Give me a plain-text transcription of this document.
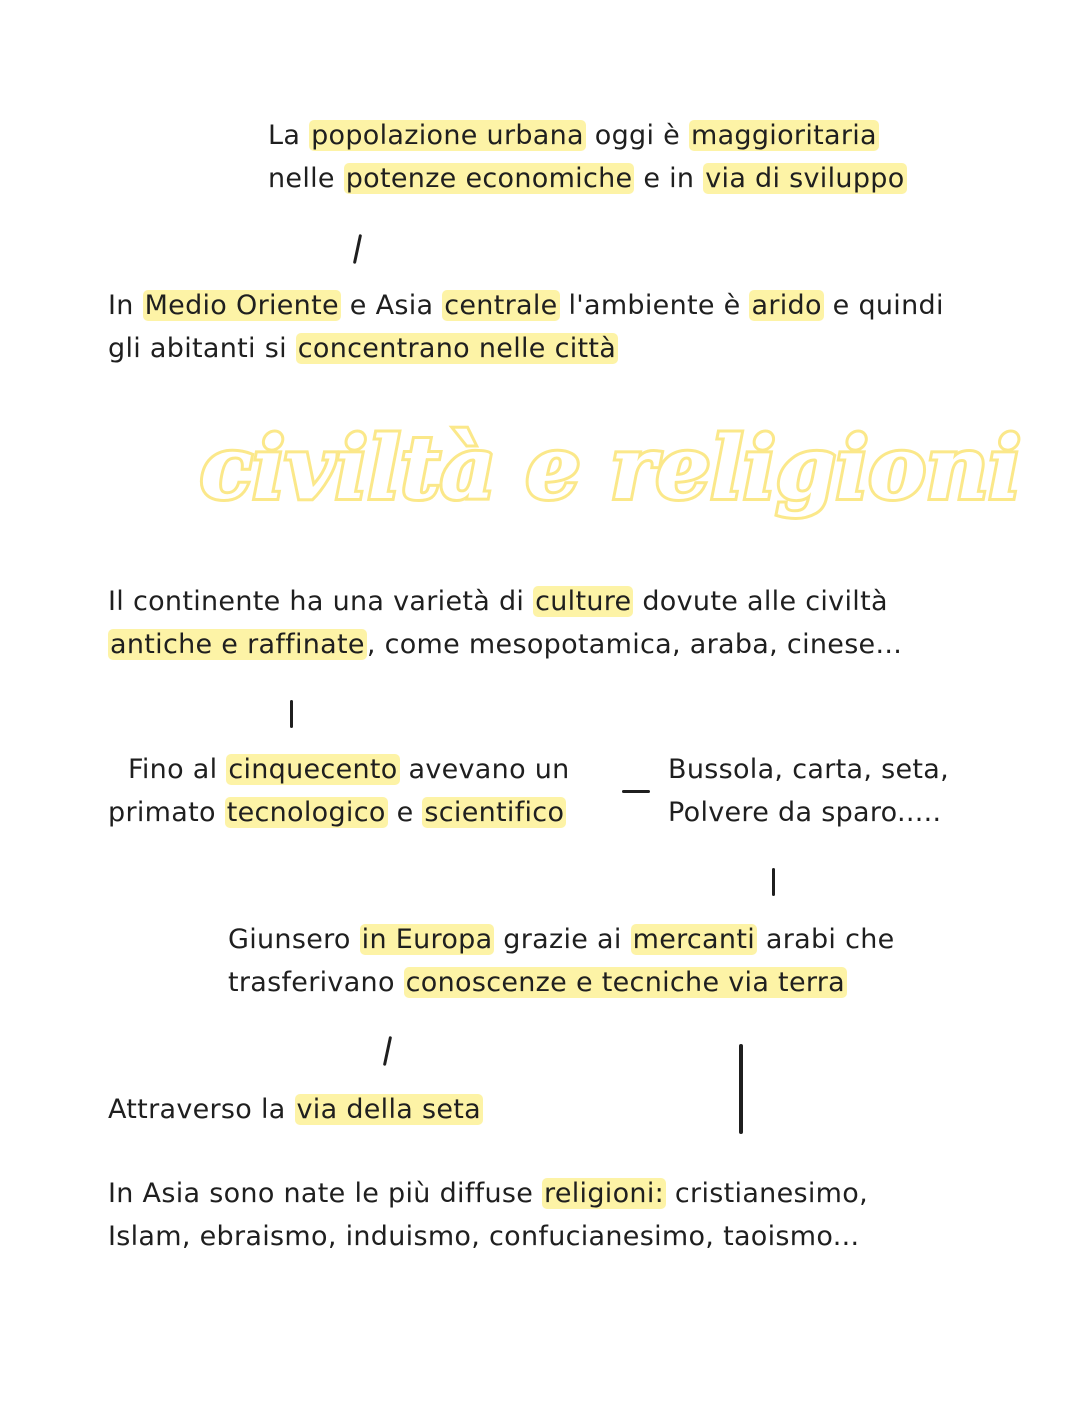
La popolazione urbana oggi è maggioritaria
nelle potenze economiche e in via di sviluppo
In Medio Oriente e Asia centrale l'ambiente è arido e quindi
gli abitanti si concentrano nelle città
civiltà e religioni
Il continente ha una varietà di culture dovute alle civiltà
antiche e raffinate, come mesopotamica, araba, cinese...
Fino al cinquecento avevano un
primato tecnologico e scientifico
Bussola, carta, seta,
Polvere da sparo.....
Giunsero in Europa grazie ai mercanti arabi che
trasferivano conoscenze e tecniche via terra
Attraverso la via della seta
In Asia sono nate le più diffuse religioni: cristianesimo,
Islam, ebraismo, induismo, confucianesimo, taoismo...
